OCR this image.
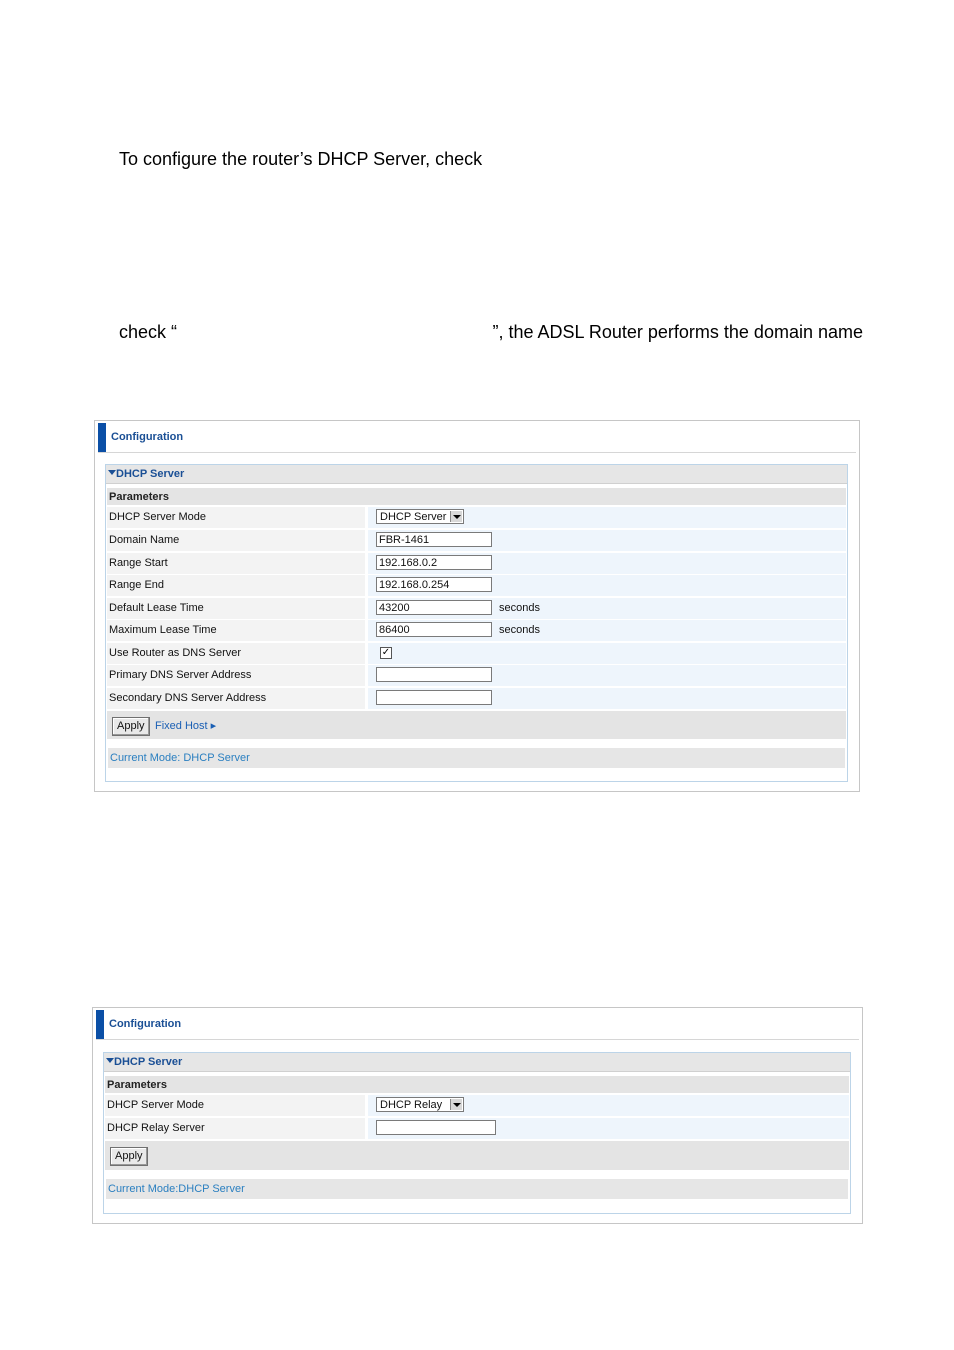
To configure the router’s DHCP Server, check
check “	”, the ADSL Router performs the domain name
Configuration
DHCP Server
Parameters
DHCP Server Mode	DHCP Server
Domain Name	FBR-1461
Range Start	192.168.0.2
Range End	192.168.0.254
Default Lease Time	43200	seconds
Maximum Lease Time	86400	seconds
Use Router as DNS Server	✓
Primary DNS Server Address
Secondary DNS Server Address
Apply Fixed Host ▸
Current Mode: DHCP Server
Configuration
DHCP Server
Parameters
DHCP Server Mode	DHCP Relay
DHCP Relay Server
Apply
Current Mode:DHCP Server
